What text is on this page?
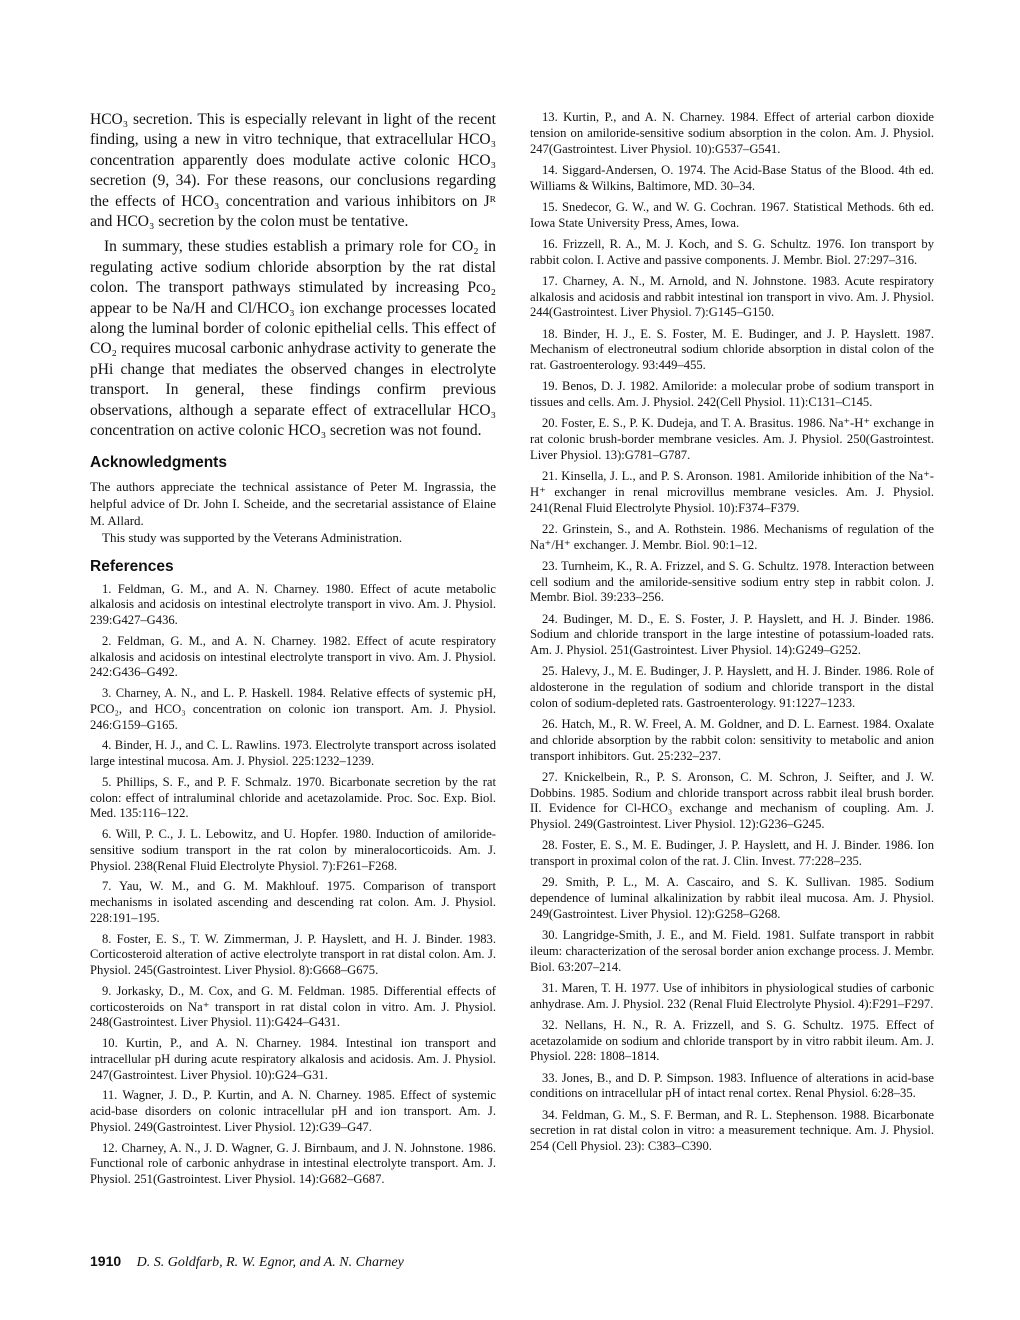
HCO₃ secretion. This is especially relevant in light of the recent finding, using a new in vitro technique, that extracellular HCO₃ concentration apparently does modulate active colonic HCO₃ secretion (9, 34). For these reasons, our conclusions regarding the effects of HCO₃ concentration and various inhibitors on Jᴿ and HCO₃ secretion by the colon must be tentative.

In summary, these studies establish a primary role for CO₂ in regulating active sodium chloride absorption by the rat distal colon. The transport pathways stimulated by increasing Pco₂ appear to be Na/H and Cl/HCO₃ ion exchange processes located along the luminal border of colonic epithelial cells. This effect of CO₂ requires mucosal carbonic anhydrase activity to generate the pHi change that mediates the observed changes in electrolyte transport. In general, these findings confirm previous observations, although a separate effect of extracellular HCO₃ concentration on active colonic HCO₃ secretion was not found.

Acknowledgments

The authors appreciate the technical assistance of Peter M. Ingrassia, the helpful advice of Dr. John I. Scheide, and the secretarial assistance of Elaine M. Allard.

This study was supported by the Veterans Administration.

References
1. Feldman, G. M., and A. N. Charney. 1980. Effect of acute metabolic alkalosis and acidosis on intestinal electrolyte transport in vivo. Am. J. Physiol. 239:G427–G436.
2. Feldman, G. M., and A. N. Charney. 1982. Effect of acute respiratory alkalosis and acidosis on intestinal electrolyte transport in vivo. Am. J. Physiol. 242:G436–G492.
3. Charney, A. N., and L. P. Haskell. 1984. Relative effects of systemic pH, PCO₂, and HCO₃ concentration on colonic ion transport. Am. J. Physiol. 246:G159–G165.
4. Binder, H. J., and C. L. Rawlins. 1973. Electrolyte transport across isolated large intestinal mucosa. Am. J. Physiol. 225:1232–1239.
5. Phillips, S. F., and P. F. Schmalz. 1970. Bicarbonate secretion by the rat colon: effect of intraluminal chloride and acetazolamide. Proc. Soc. Exp. Biol. Med. 135:116–122.
6. Will, P. C., J. L. Lebowitz, and U. Hopfer. 1980. Induction of amiloride-sensitive sodium transport in the rat colon by mineralocorticoids. Am. J. Physiol. 238(Renal Fluid Electrolyte Physiol. 7):F261–F268.
7. Yau, W. M., and G. M. Makhlouf. 1975. Comparison of transport mechanisms in isolated ascending and descending rat colon. Am. J. Physiol. 228:191–195.
8. Foster, E. S., T. W. Zimmerman, J. P. Hayslett, and H. J. Binder. 1983. Corticosteroid alteration of active electrolyte transport in rat distal colon. Am. J. Physiol. 245(Gastrointest. Liver Physiol. 8):G668–G675.
9. Jorkasky, D., M. Cox, and G. M. Feldman. 1985. Differential effects of corticosteroids on Na⁺ transport in rat distal colon in vitro. Am. J. Physiol. 248(Gastrointest. Liver Physiol. 11):G424–G431.
10. Kurtin, P., and A. N. Charney. 1984. Intestinal ion transport and intracellular pH during acute respiratory alkalosis and acidosis. Am. J. Physiol. 247(Gastrointest. Liver Physiol. 10):G24–G31.
11. Wagner, J. D., P. Kurtin, and A. N. Charney. 1985. Effect of systemic acid-base disorders on colonic intracellular pH and ion transport. Am. J. Physiol. 249(Gastrointest. Liver Physiol. 12):G39–G47.
12. Charney, A. N., J. D. Wagner, G. J. Birnbaum, and J. N. Johnstone. 1986. Functional role of carbonic anhydrase in intestinal electrolyte transport. Am. J. Physiol. 251(Gastrointest. Liver Physiol. 14):G682–G687.
13. Kurtin, P., and A. N. Charney. 1984. Effect of arterial carbon dioxide tension on amiloride-sensitive sodium absorption in the colon. Am. J. Physiol. 247(Gastrointest. Liver Physiol. 10):G537–G541.
14. Siggard-Andersen, O. 1974. The Acid-Base Status of the Blood. 4th ed. Williams & Wilkins, Baltimore, MD. 30–34.
15. Snedecor, G. W., and W. G. Cochran. 1967. Statistical Methods. 6th ed. Iowa State University Press, Ames, Iowa.
16. Frizzell, R. A., M. J. Koch, and S. G. Schultz. 1976. Ion transport by rabbit colon. I. Active and passive components. J. Membr. Biol. 27:297–316.
17. Charney, A. N., M. Arnold, and N. Johnstone. 1983. Acute respiratory alkalosis and acidosis and rabbit intestinal ion transport in vivo. Am. J. Physiol. 244(Gastrointest. Liver Physiol. 7):G145–G150.
18. Binder, H. J., E. S. Foster, M. E. Budinger, and J. P. Hayslett. 1987. Mechanism of electroneutral sodium chloride absorption in distal colon of the rat. Gastroenterology. 93:449–455.
19. Benos, D. J. 1982. Amiloride: a molecular probe of sodium transport in tissues and cells. Am. J. Physiol. 242(Cell Physiol. 11):C131–C145.
20. Foster, E. S., P. K. Dudeja, and T. A. Brasitus. 1986. Na⁺-H⁺ exchange in rat colonic brush-border membrane vesicles. Am. J. Physiol. 250(Gastrointest. Liver Physiol. 13):G781–G787.
21. Kinsella, J. L., and P. S. Aronson. 1981. Amiloride inhibition of the Na⁺-H⁺ exchanger in renal microvillus membrane vesicles. Am. J. Physiol. 241(Renal Fluid Electrolyte Physiol. 10):F374–F379.
22. Grinstein, S., and A. Rothstein. 1986. Mechanisms of regulation of the Na⁺/H⁺ exchanger. J. Membr. Biol. 90:1–12.
23. Turnheim, K., R. A. Frizzel, and S. G. Schultz. 1978. Interaction between cell sodium and the amiloride-sensitive sodium entry step in rabbit colon. J. Membr. Biol. 39:233–256.
24. Budinger, M. D., E. S. Foster, J. P. Hayslett, and H. J. Binder. 1986. Sodium and chloride transport in the large intestine of potassium-loaded rats. Am. J. Physiol. 251(Gastrointest. Liver Physiol. 14):G249–G252.
25. Halevy, J., M. E. Budinger, J. P. Hayslett, and H. J. Binder. 1986. Role of aldosterone in the regulation of sodium and chloride transport in the distal colon of sodium-depleted rats. Gastroenterology. 91:1227–1233.
26. Hatch, M., R. W. Freel, A. M. Goldner, and D. L. Earnest. 1984. Oxalate and chloride absorption by the rabbit colon: sensitivity to metabolic and anion transport inhibitors. Gut. 25:232–237.
27. Knickelbein, R., P. S. Aronson, C. M. Schron, J. Seifter, and J. W. Dobbins. 1985. Sodium and chloride transport across rabbit ileal brush border. II. Evidence for Cl-HCO₃ exchange and mechanism of coupling. Am. J. Physiol. 249(Gastrointest. Liver Physiol. 12):G236–G245.
28. Foster, E. S., M. E. Budinger, J. P. Hayslett, and H. J. Binder. 1986. Ion transport in proximal colon of the rat. J. Clin. Invest. 77:228–235.
29. Smith, P. L., M. A. Cascairo, and S. K. Sullivan. 1985. Sodium dependence of luminal alkalinization by rabbit ileal mucosa. Am. J. Physiol. 249(Gastrointest. Liver Physiol. 12):G258–G268.
30. Langridge-Smith, J. E., and M. Field. 1981. Sulfate transport in rabbit ileum: characterization of the serosal border anion exchange process. J. Membr. Biol. 63:207–214.
31. Maren, T. H. 1977. Use of inhibitors in physiological studies of carbonic anhydrase. Am. J. Physiol. 232 (Renal Fluid Electrolyte Physiol. 4):F291–F297.
32. Nellans, H. N., R. A. Frizzell, and S. G. Schultz. 1975. Effect of acetazolamide on sodium and chloride transport by in vitro rabbit ileum. Am. J. Physiol. 228: 1808–1814.
33. Jones, B., and D. P. Simpson. 1983. Influence of alterations in acid-base conditions on intracellular pH of intact renal cortex. Renal Physiol. 6:28–35.
34. Feldman, G. M., S. F. Berman, and R. L. Stephenson. 1988. Bicarbonate secretion in rat distal colon in vitro: a measurement technique. Am. J. Physiol. 254 (Cell Physiol. 23): C383–C390.
1910 D. S. Goldfarb, R. W. Egnor, and A. N. Charney
